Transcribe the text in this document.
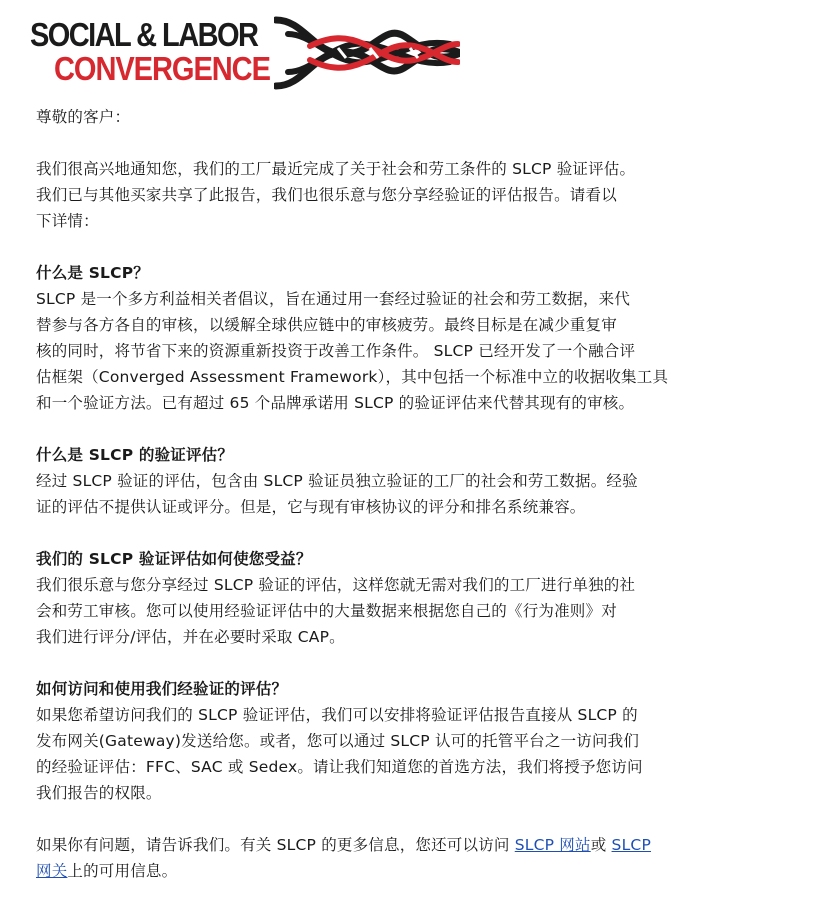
SOCIAL & LABOR
CONVERGENCE

尊敬的客户：

我们很高兴地通知您，我们的工厂最近完成了关于社会和劳工条件的 SLCP 验证评估。

我们已与其他买家共享了此报告，我们也很乐意与您分享经验证的评估报告。请看以

下详情：

什么是 SLCP？

SLCP 是一个多方利益相关者倡议，旨在通过用一套经过验证的社会和劳工数据，来代

替参与各方各自的审核，以缓解全球供应链中的审核疲劳。最终目标是在减少重复审

核的同时，将节省下来的资源重新投资于改善工作条件。 SLCP 已经开发了一个融合评

估框架（Converged Assessment Framework），其中包括一个标准中立的收据收集工具

和一个验证方法。已有超过 65 个品牌承诺用 SLCP 的验证评估来代替其现有的审核。

什么是 SLCP 的验证评估？

经过 SLCP 验证的评估，包含由 SLCP 验证员独立验证的工厂的社会和劳工数据。经验

证的评估不提供认证或评分。但是，它与现有审核协议的评分和排名系统兼容。

我们的 SLCP 验证评估如何使您受益？

我们很乐意与您分享经过 SLCP 验证的评估，这样您就无需对我们的工厂进行单独的社

会和劳工审核。您可以使用经验证评估中的大量数据来根据您自己的《行为准则》对

我们进行评分/评估，并在必要时采取 CAP。

如何访问和使用我们经验证的评估？

如果您希望访问我们的 SLCP 验证评估，我们可以安排将验证评估报告直接从 SLCP 的

发布网关(Gateway)发送给您。或者，您可以通过 SLCP 认可的托管平台之一访问我们

的经验证评估：FFC、SAC 或 Sedex。请让我们知道您的首选方法，我们将授予您访问

我们报告的权限。

如果你有问题，请告诉我们。有关 SLCP 的更多信息，您还可以访问 SLCP 网站或 SLCP

网关上的可用信息。
